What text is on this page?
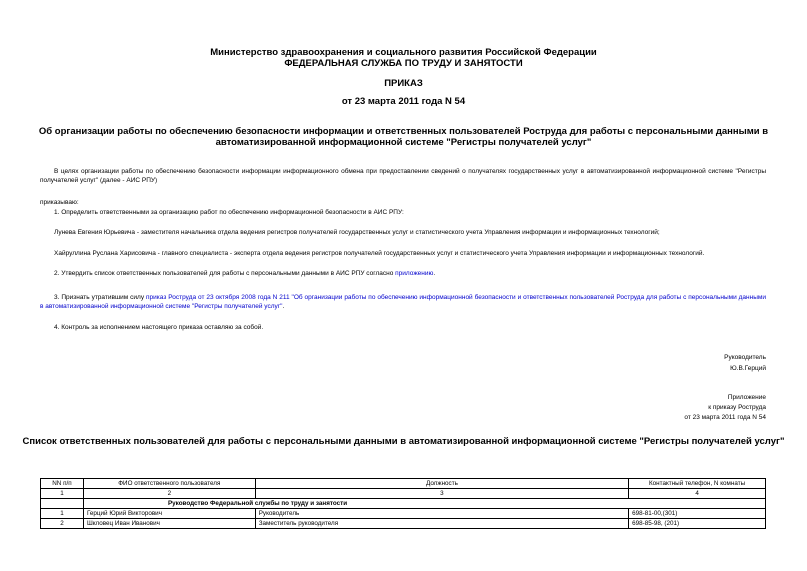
Министерство здравоохранения и социального развития Российской Федерации
ФЕДЕРАЛЬНАЯ СЛУЖБА ПО ТРУДУ И ЗАНЯТОСТИ
ПРИКАЗ
от 23 марта 2011 года N 54
Об организации работы по обеспечению безопасности информации и ответственных пользователей Роструда для работы с персональными данными в
автоматизированной информационной системе "Регистры получателей услуг"
В целях организации работы по обеспечению безопасности информации информационного обмена при предоставлении сведений о получателях государственных услуг в автоматизированной информационной системе "Регистры получателей услуг" (далее - АИС РПУ)
приказываю:
1. Определить ответственными за организацию работ по обеспечению информационной безопасности в АИС РПУ:
Лунева Евгения Юрьевича - заместителя начальника отдела ведения регистров получателей государственных услуг и статистического учета Управления информации и информационных технологий;
Хайруллина Руслана Харисовича - главного специалиста - эксперта отдела ведения регистров получателей государственных услуг и статистического учета Управления информации и информационных технологий.
2. Утвердить список ответственных пользователей для работы с персональными данными в АИС РПУ согласно приложению.
3. Признать утратившим силу приказ Роструда от 23 октября 2008 года N 211 "Об организации работы по обеспечению информационной безопасности и ответственных пользователей Роструда для работы с персональными данными в автоматизированной информационной системе "Регистры получателей услуг".
4. Контроль за исполнением настоящего приказа оставляю за собой.
Руководитель
Ю.В.Герций
Приложение
к приказу Роструда
от 23 марта 2011 года N 54
Список ответственных пользователей для работы с персональными данными в автоматизированной информационной системе "Регистры получателей услуг"
NN п/п	ФИО ответственного пользователя	Должность	Контактный телефон, N комнаты
1	2	3	4
	Руководство Федеральной службы по труду и занятости		
1	Герций Юрий Викторович	Руководитель	698-81-00,(301)
2	Шкловец Иван Иванович	Заместитель руководителя	698-85-98, (201)
